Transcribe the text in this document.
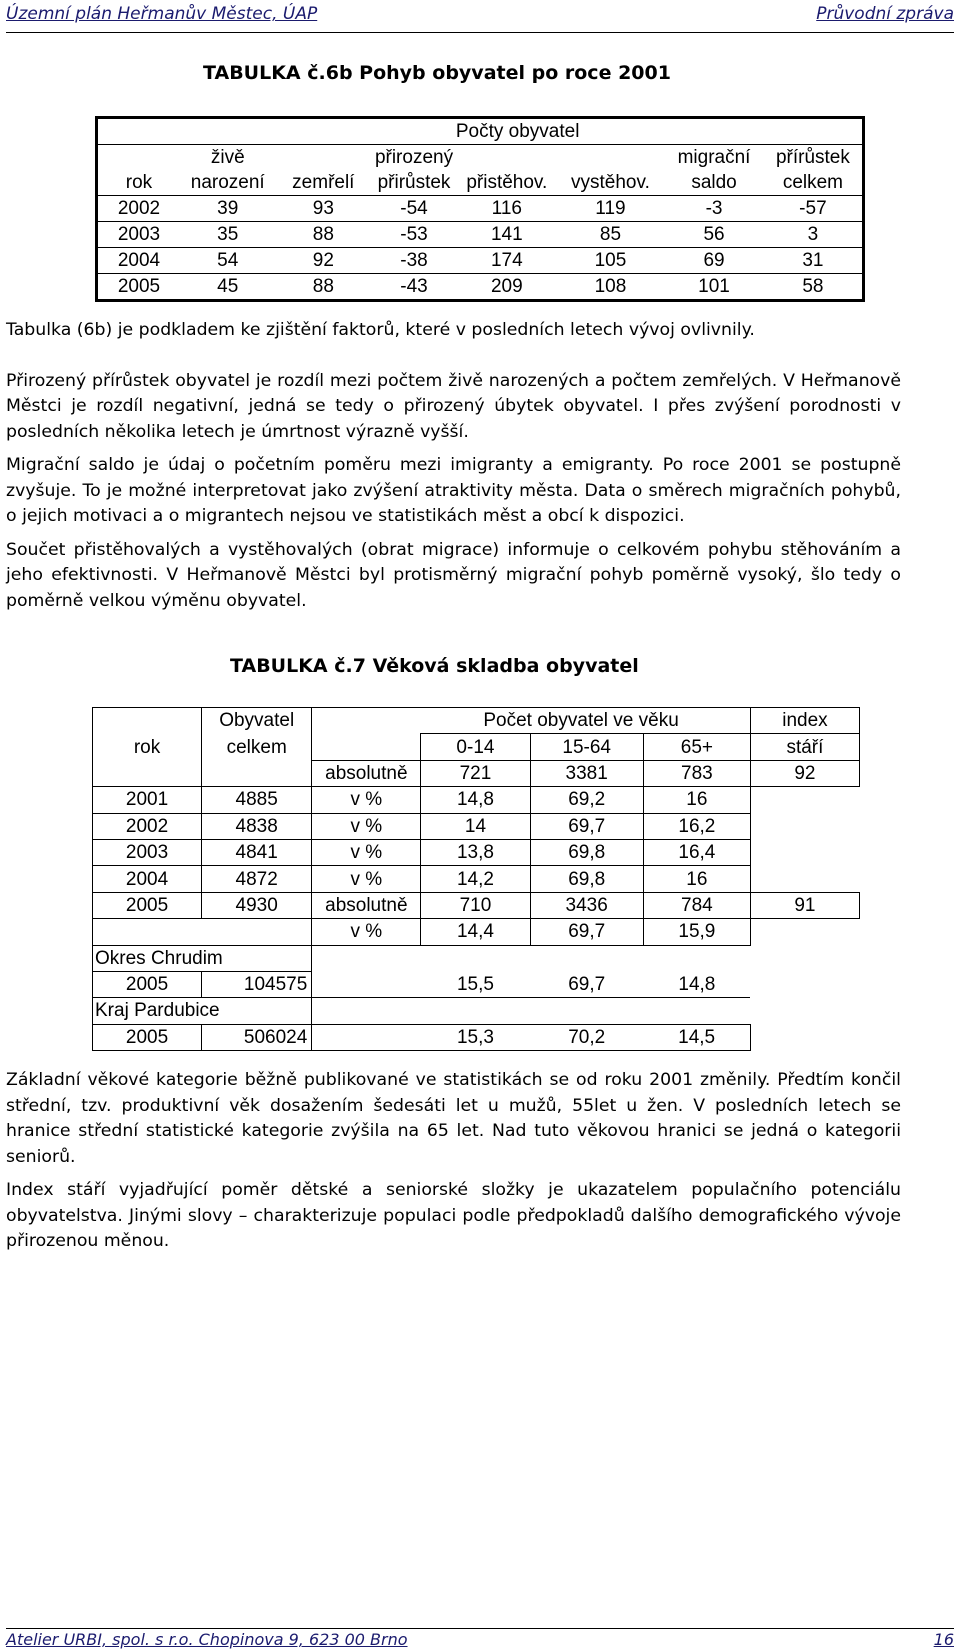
Územní plán Heřmanův Městec, ÚAP	Průvodní zpráva
TABULKA č.6b Pohyb obyvatel po roce 2001
			Počty obyvatel				
	živě		přirozený			migrační	přírůstek
rok	narození	zemřelí	přirůstek	přistěhov.	vystěhov.	saldo	celkem
2002	39	93	-54	116	119	-3	-57
2003	35	88	-53	141	85	56	3
2004	54	92	-38	174	105	69	31
2005	45	88	-43	209	108	101	58

Tabulka (6b) je podkladem ke zjištění faktorů, které v posledních letech vývoj ovlivnily.

Přirozený přírůstek obyvatel je rozdíl mezi počtem živě narozených a počtem zemřelých. V Heřmanově Městci je rozdíl negativní, jedná se tedy o přirozený úbytek obyvatel. I přes zvýšení porodnosti v posledních několika letech je úmrtnost výrazně vyšší.

Migrační saldo je údaj o početním poměru mezi imigranty a emigranty. Po roce 2001 se postupně zvyšuje. To je možné interpretovat jako zvýšení atraktivity města. Data o směrech migračních pohybů, o jejich motivaci a o migrantech nejsou ve statistikách měst a obcí k dispozici.

Součet přistěhovalých a vystěhovalých (obrat migrace) informuje o celkovém pohybu stěhováním a jeho efektivnosti. V Heřmanově Městci byl protisměrný migrační pohyb poměrně vysoký, šlo tedy o poměrně velkou výměnu obyvatel.

TABULKA č.7 Věková skladba obyvatel
	Obyvatel	Počet obyvatel ve věku				index
rok	celkem		0-14	15-64	65+	stáří
		absolutně	721	3381	783	92
2001	4885	v %	14,8	69,2	16	
2002	4838	v %	14	69,7	16,2	
2003	4841	v %	13,8	69,8	16,4	
2004	4872	v %	14,2	69,8	16	
2005	4930	absolutně	710	3436	784	91
		v %	14,4	69,7	15,9	
Okres Chrudim						
2005	104575		15,5	69,7	14,8	
Kraj Pardubice						
2005	506024		15,3	70,2	14,5	

Základní věkové kategorie běžně publikované ve statistikách se od roku 2001 změnily. Předtím končil střední, tzv. produktivní věk dosažením šedesáti let u mužů, 55let u žen. V posledních letech se hranice střední statistické kategorie zvýšila na 65 let. Nad tuto věkovou hranici se jedná o kategorii seniorů.

Index stáří vyjadřující poměr dětské a seniorské složky je ukazatelem populačního potenciálu obyvatelstva. Jinými slovy – charakterizuje populaci podle předpokladů dalšího demografického vývoje přirozenou měnou.

Atelier URBI, spol. s r.o. Chopinova 9, 623 00 Brno	16
